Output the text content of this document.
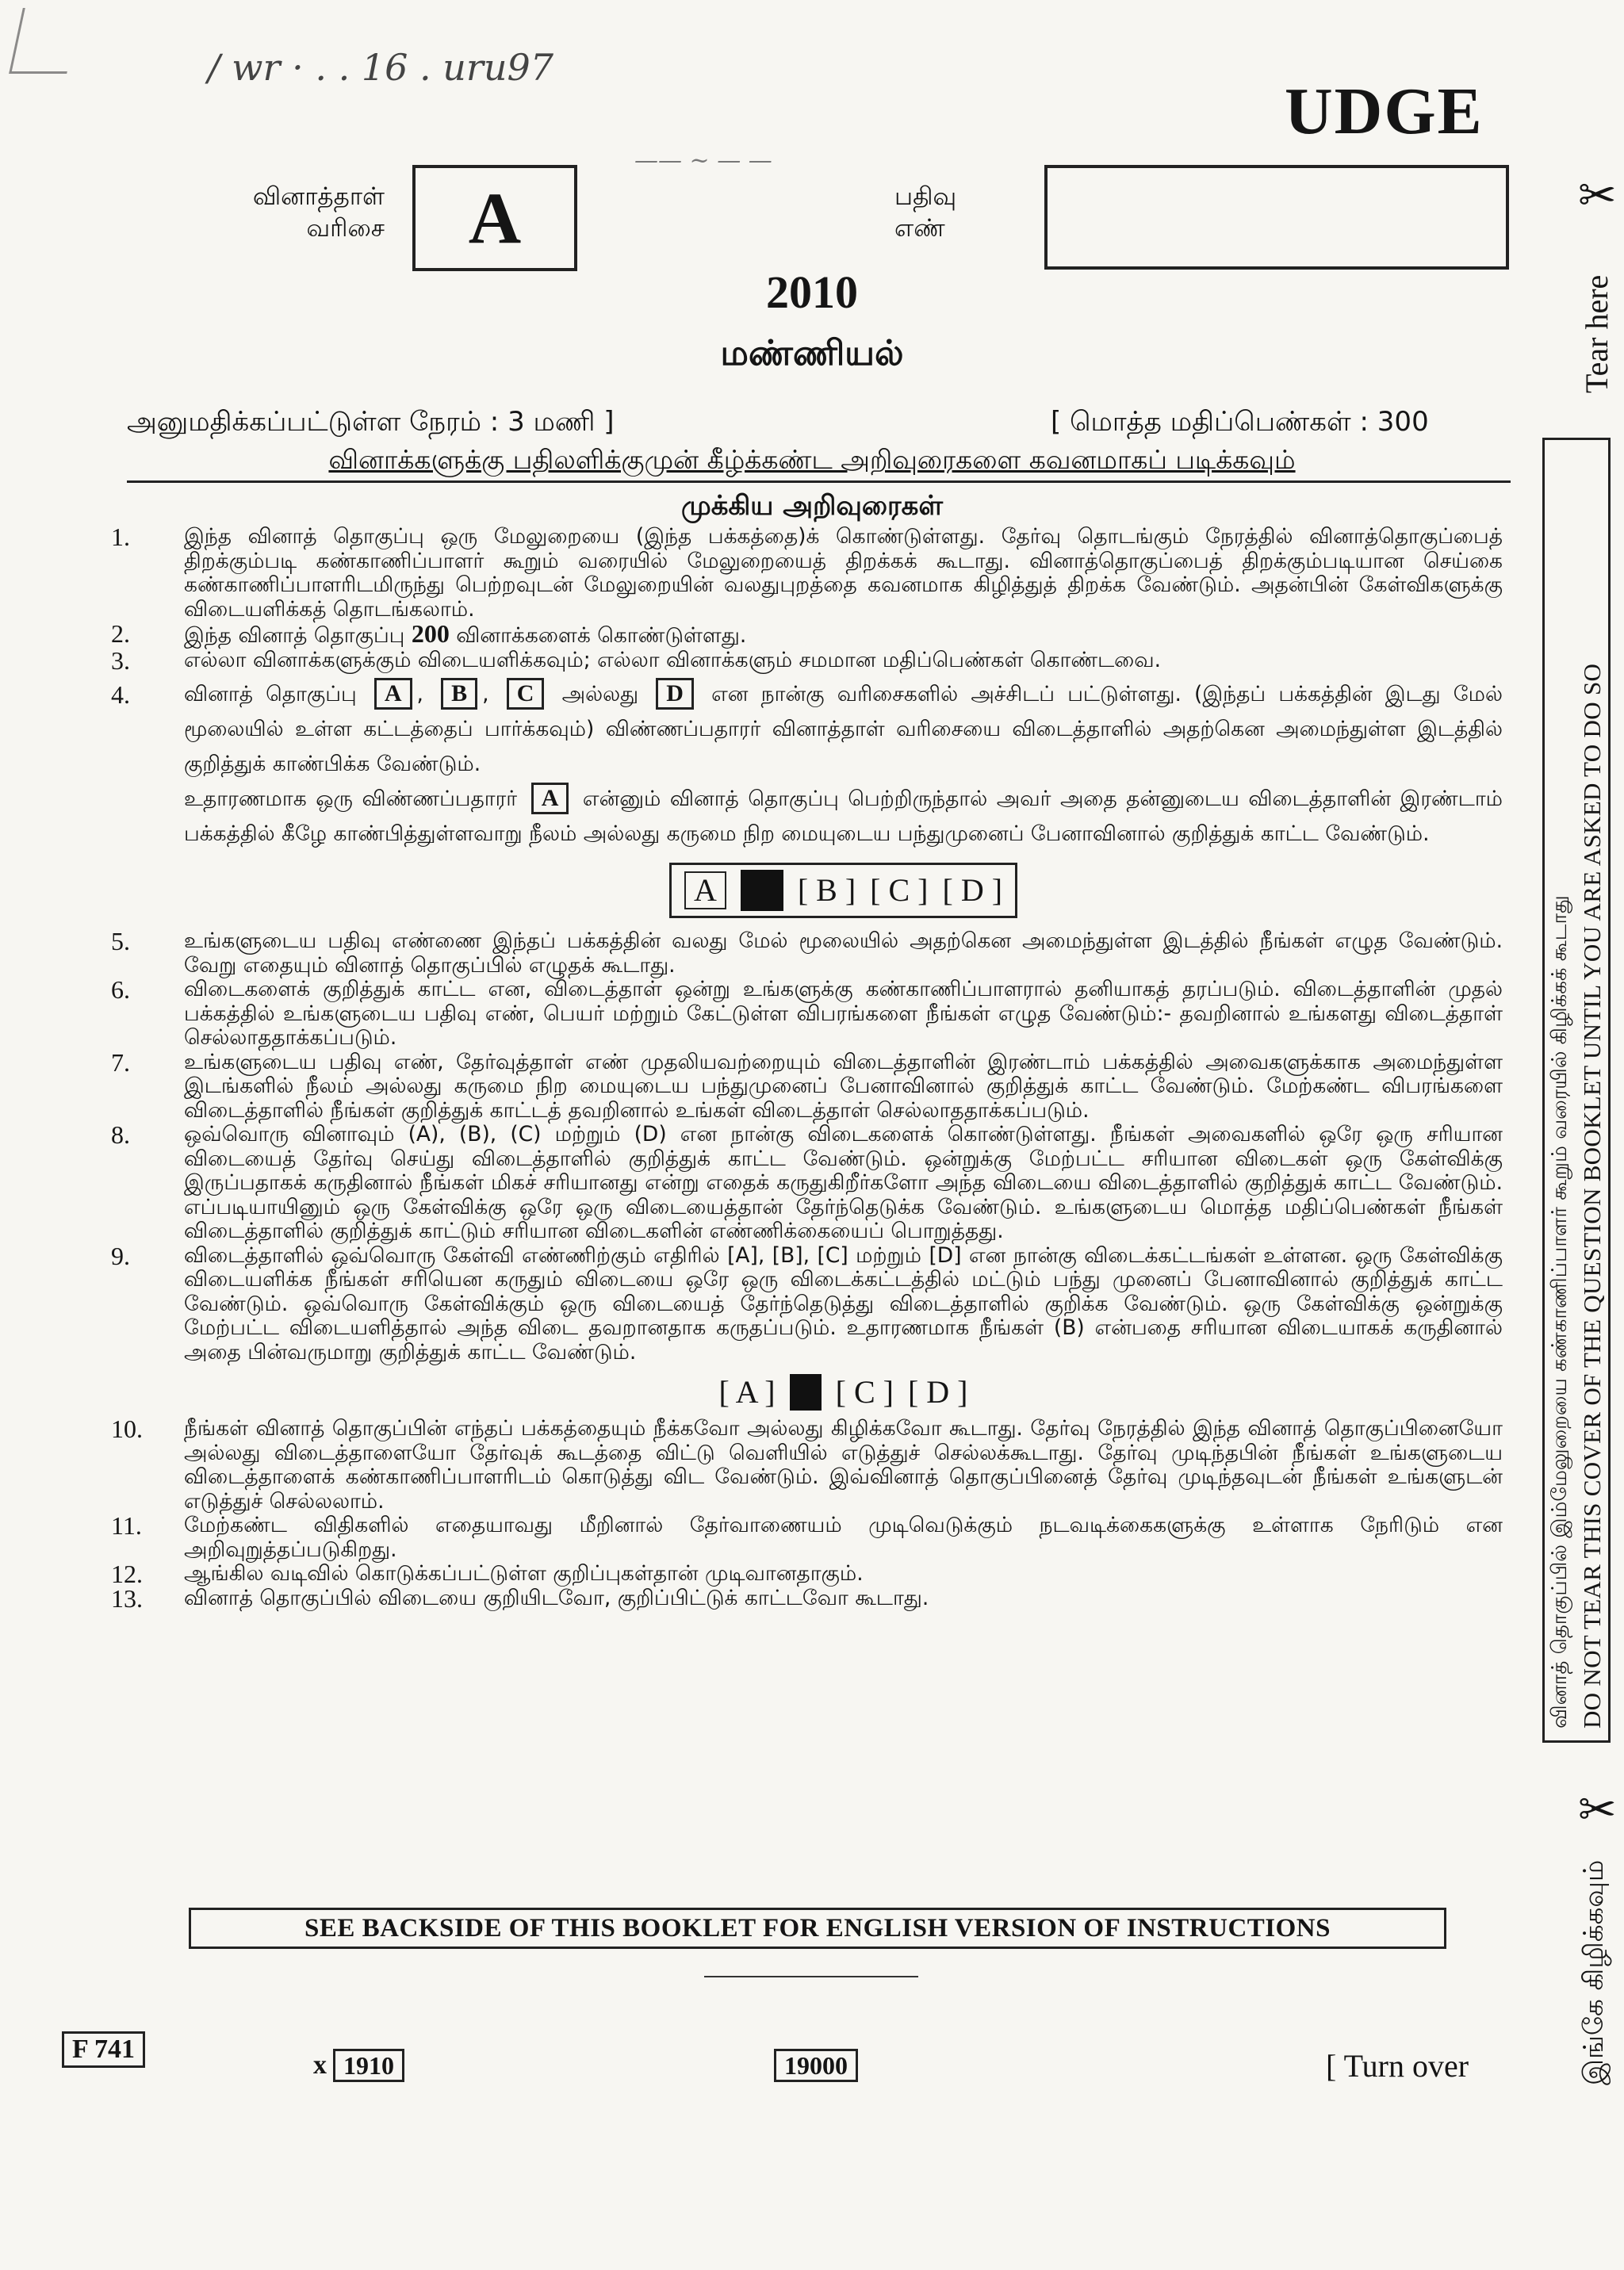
/ wr · . . 16 . uru97
—— ~ — —
UDGE
வினாத்தாள்
வரிசை	A	பதிவு
எண்
2010
மண்ணியல்
அனுமதிக்கப்பட்டுள்ள நேரம் : 3 மணி ]	[ மொத்த மதிப்பெண்கள் : 300
வினாக்களுக்கு பதிலளிக்குமுன் கீழ்க்கண்ட அறிவுரைகளை கவனமாகப் படிக்கவும்
முக்கிய அறிவுரைகள்
1.	இந்த வினாத் தொகுப்பு ஒரு மேலுறையை (இந்த பக்கத்தை)க் கொண்டுள்ளது. தேர்வு தொடங்கும் நேரத்தில் வினாத்தொகுப்பைத் திறக்கும்படி கண்காணிப்பாளர் கூறும் வரையில் மேலுறையைத் திறக்கக் கூடாது. வினாத்தொகுப்பைத் திறக்கும்படியான செய்கை கண்காணிப்பாளரிடமிருந்து பெற்றவுடன் மேலுறையின் வலதுபுறத்தை கவனமாக கிழித்துத் திறக்க வேண்டும். அதன்பின் கேள்விகளுக்கு விடையளிக்கத் தொடங்கலாம்.
2.	இந்த வினாத் தொகுப்பு 200 வினாக்களைக் கொண்டுள்ளது.
3.	எல்லா வினாக்களுக்கும் விடையளிக்கவும்; எல்லா வினாக்களும் சமமான மதிப்பெண்கள் கொண்டவை.
4.	வினாத் தொகுப்பு A , B , C அல்லது D என நான்கு வரிசைகளில் அச்சிடப் பட்டுள்ளது. (இந்தப் பக்கத்தின் இடது மேல் மூலையில் உள்ள கட்டத்தைப் பார்க்கவும்) விண்ணப்பதாரர் வினாத்தாள் வரிசையை விடைத்தாளில் அதற்கென அமைந்துள்ள இடத்தில் குறித்துக் காண்பிக்க வேண்டும்.
உதாரணமாக ஒரு விண்ணப்பதாரர் A என்னும் வினாத் தொகுப்பு பெற்றிருந்தால் அவர் அதை தன்னுடைய விடைத்தாளின் இரண்டாம் பக்கத்தில் கீழே காண்பித்துள்ளவாறு நீலம் அல்லது கருமை நிற மையுடைய பந்துமுனைப் பேனாவினால் குறித்துக் காட்ட வேண்டும்.
A	[ B ] [ C ] [ D ]
5.	உங்களுடைய பதிவு எண்ணை இந்தப் பக்கத்தின் வலது மேல் மூலையில் அதற்கென அமைந்துள்ள இடத்தில் நீங்கள் எழுத வேண்டும். வேறு எதையும் வினாத் தொகுப்பில் எழுதக் கூடாது.
6.	விடைகளைக் குறித்துக் காட்ட என, விடைத்தாள் ஒன்று உங்களுக்கு கண்காணிப்பாளரால் தனியாகத் தரப்படும். விடைத்தாளின் முதல் பக்கத்தில் உங்களுடைய பதிவு எண், பெயர் மற்றும் கேட்டுள்ள விபரங்களை நீங்கள் எழுத வேண்டும்:- தவறினால் உங்களது விடைத்தாள் செல்லாததாக்கப்படும்.
7.	உங்களுடைய பதிவு எண், தேர்வுத்தாள் எண் முதலியவற்றையும் விடைத்தாளின் இரண்டாம் பக்கத்தில் அவைகளுக்காக அமைந்துள்ள இடங்களில் நீலம் அல்லது கருமை நிற மையுடைய பந்துமுனைப் பேனாவினால் குறித்துக் காட்ட வேண்டும். மேற்கண்ட விபரங்களை விடைத்தாளில் நீங்கள் குறித்துக் காட்டத் தவறினால் உங்கள் விடைத்தாள் செல்லாததாக்கப்படும்.
8.	ஒவ்வொரு வினாவும் (A), (B), (C) மற்றும் (D) என நான்கு விடைகளைக் கொண்டுள்ளது. நீங்கள் அவைகளில் ஒரே ஒரு சரியான விடையைத் தேர்வு செய்து விடைத்தாளில் குறித்துக் காட்ட வேண்டும். ஒன்றுக்கு மேற்பட்ட சரியான விடைகள் ஒரு கேள்விக்கு இருப்பதாகக் கருதினால் நீங்கள் மிகச் சரியானது என்று எதைக் கருதுகிறீர்களோ அந்த விடையை விடைத்தாளில் குறித்துக் காட்ட வேண்டும். எப்படியாயினும் ஒரு கேள்விக்கு ஒரே ஒரு விடையைத்தான் தேர்ந்தெடுக்க வேண்டும். உங்களுடைய மொத்த மதிப்பெண்கள் நீங்கள் விடைத்தாளில் குறித்துக் காட்டும் சரியான விடைகளின் எண்ணிக்கையைப் பொறுத்தது.
9.	விடைத்தாளில் ஒவ்வொரு கேள்வி எண்ணிற்கும் எதிரில் [A], [B], [C] மற்றும் [D] என நான்கு விடைக்கட்டங்கள் உள்ளன. ஒரு கேள்விக்கு விடையளிக்க நீங்கள் சரியென கருதும் விடையை ஒரே ஒரு விடைக்கட்டத்தில் மட்டும் பந்து முனைப் பேனாவினால் குறித்துக் காட்ட வேண்டும். ஒவ்வொரு கேள்விக்கும் ஒரு விடையைத் தேர்ந்தெடுத்து விடைத்தாளில் குறிக்க வேண்டும். ஒரு கேள்விக்கு ஒன்றுக்கு மேற்பட்ட விடையளித்தால் அந்த விடை தவறானதாக கருதப்படும். உதாரணமாக நீங்கள் (B) என்பதை சரியான விடையாகக் கருதினால் அதை பின்வருமாறு குறித்துக் காட்ட வேண்டும்.
[ A ] [ C ] [ D ]
10.	நீங்கள் வினாத் தொகுப்பின் எந்தப் பக்கத்தையும் நீக்கவோ அல்லது கிழிக்கவோ கூடாது. தேர்வு நேரத்தில் இந்த வினாத் தொகுப்பினையோ அல்லது விடைத்தாளையோ தேர்வுக் கூடத்தை விட்டு வெளியில் எடுத்துச் செல்லக்கூடாது. தேர்வு முடிந்தபின் நீங்கள் உங்களுடைய விடைத்தாளைக் கண்காணிப்பாளரிடம் கொடுத்து விட வேண்டும். இவ்வினாத் தொகுப்பினைத் தேர்வு முடிந்தவுடன் நீங்கள் உங்களுடன் எடுத்துச் செல்லலாம்.
11.	மேற்கண்ட விதிகளில் எதையாவது மீறினால் தேர்வாணையம் முடிவெடுக்கும் நடவடிக்கைகளுக்கு உள்ளாக நேரிடும் என அறிவுறுத்தப்படுகிறது.
12.	ஆங்கில வடிவில் கொடுக்கப்பட்டுள்ள குறிப்புகள்தான் முடிவானதாகும்.
13.	வினாத் தொகுப்பில் விடையை குறியிடவோ, குறிப்பிட்டுக் காட்டவோ கூடாது.
SEE BACKSIDE OF THIS BOOKLET FOR ENGLISH VERSION OF INSTRUCTIONS
F 741
x 1910	19000	[ Turn over
✂
Tear here
DO NOT TEAR THIS COVER OF THE QUESTION BOOKLET UNTIL YOU ARE ASKED TO DO SO
வினாத் தொகுப்பில் இம்மேலுறையை கண்காணிப்பாளர் கூறும் வரையில் கிழிக்கக் கூடாது
✂
இங்கே கிழிக்கவும்
